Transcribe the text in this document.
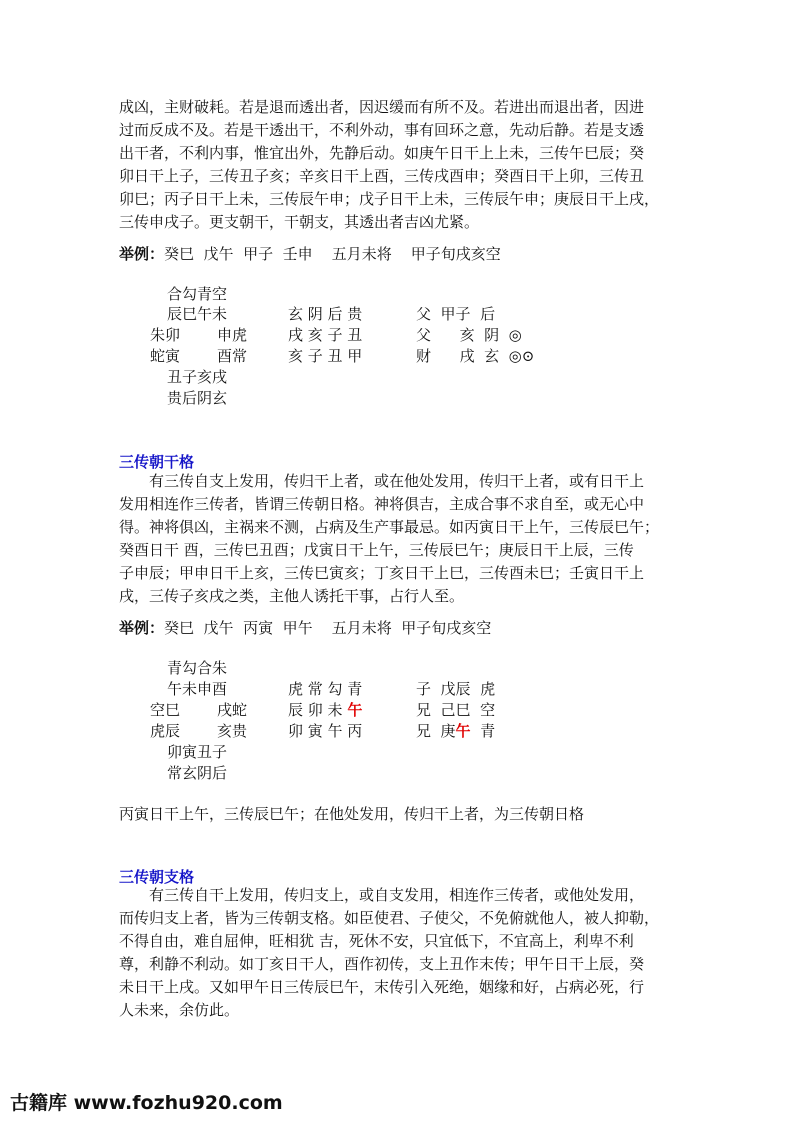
成凶，主财破耗。若是退而透出者，因迟缓而有所不及。若进出而退出者，因进
过而反成不及。若是干透出干，不利外动，事有回环之意，先动后静。若是支透
出干者，不利内事，惟宜出外，先静后动。如庚午日干上上未，三传午巳辰；癸
卯日干上子，三传丑子亥；辛亥日干上酉，三传戌酉申；癸酉日干上卯，三传丑
卯巳；丙子日干上未，三传辰午申；戊子日干上未，三传辰午申；庚辰日干上戌，
三传申戌子。更支朝干，干朝支，其透出者吉凶尤紧。
举例：癸巳  戊午  甲子  壬申    五月未将    甲子旬戌亥空
合勾青空
辰巳午未
朱卯 申虎
蛇寅 酉常
丑子亥戌
贵后阴玄
玄 阴 后 贵
戌 亥 子 丑
亥 子 丑 甲
父  甲子  后
父      亥  阴  ◎
财      戌  玄  ◎⊙
三传朝干格
有三传自支上发用，传归干上者，或在他处发用，传归干上者，或有日干上
发用相连作三传者，皆谓三传朝日格。神将俱吉，主成合事不求自至，或无心中
得。神将俱凶，主祸来不测，占病及生产事最忌。如丙寅日干上午，三传辰巳午；
癸酉日干 酉，三传巳丑酉；戊寅日干上午，三传辰巳午；庚辰日干上辰，三传
子申辰；甲申日干上亥，三传巳寅亥；丁亥日干上巳，三传酉未巳；壬寅日干上
戌，三传子亥戌之类，主他人诱托干事，占行人至。
举例：癸巳  戊午  丙寅  甲午    五月未将  甲子旬戌亥空
青勾合朱
午未申酉
空巳 戌蛇
虎辰 亥贵
卯寅丑子
常玄阴后
虎 常 勾 青
辰 卯 未 午
卯 寅 午 丙
子  戊辰  虎
兄  己巳  空
兄  庚午  青
丙寅日干上午，三传辰巳午；在他处发用，传归干上者，为三传朝日格
三传朝支格
有三传自干上发用，传归支上，或自支发用，相连作三传者，或他处发用，
而传归支上者，皆为三传朝支格。如臣使君、子使父，不免俯就他人，被人抑勒，
不得自由，难自屈伸，旺相犹 吉，死休不安，只宜低下，不宜高上，利卑不利
尊，利静不利动。如丁亥日干人，酉作初传，支上丑作末传；甲午日干上辰，癸
未日干上戌。又如甲午日三传辰巳午，末传引入死绝，姻缘和好，占病必死，行
人未来，余仿此。
古籍库 www.fozhu920.com
